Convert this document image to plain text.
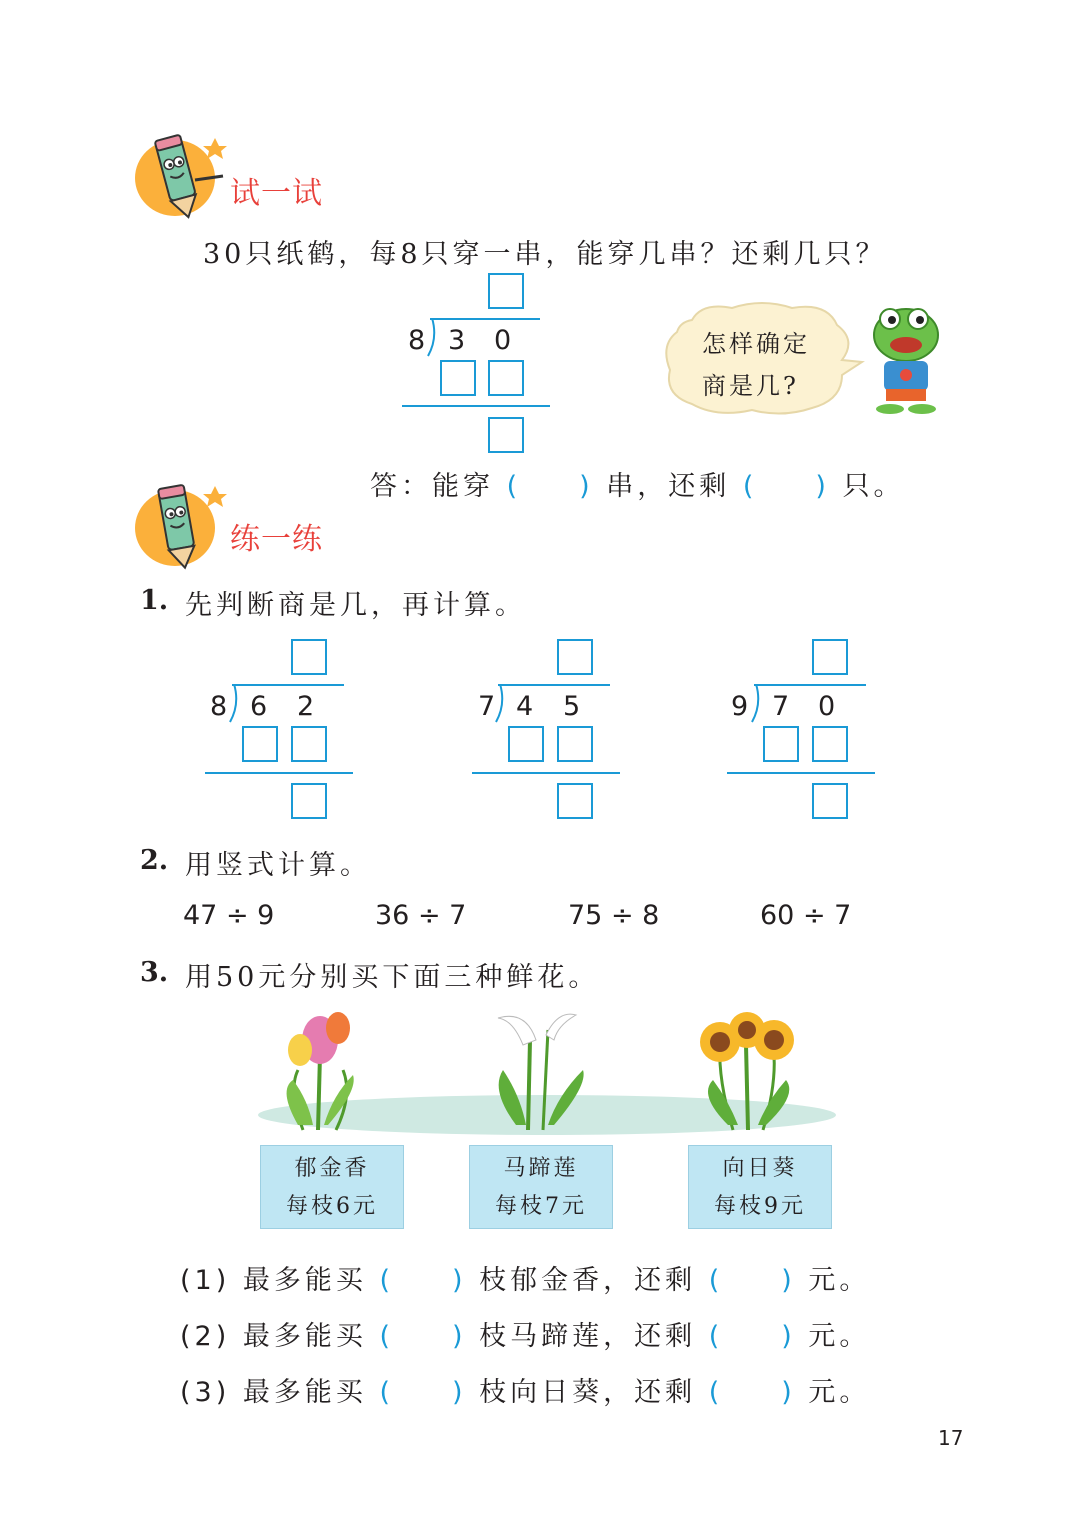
试一试
30只纸鹤，每8只穿一串，能穿几串？还剩几只？
8 3 0	怎样确定
商是几?
答：能穿 ( ) 串，还剩 ( ) 只。
练一练
1. 先判断商是几，再计算。
8 6 2	7 4 5	9 7 0
2. 用竖式计算。
47 ÷ 9	36 ÷ 7	75 ÷ 8	60 ÷ 7
3. 用50元分别买下面三种鲜花。
郁金香
每枝6元
马蹄莲
每枝7元
向日葵
每枝9元
(1) 最多能买 ( ) 枝郁金香，还剩 ( ) 元。
(2) 最多能买 ( ) 枝马蹄莲，还剩 ( ) 元。
(3) 最多能买 ( ) 枝向日葵，还剩 ( ) 元。
17
